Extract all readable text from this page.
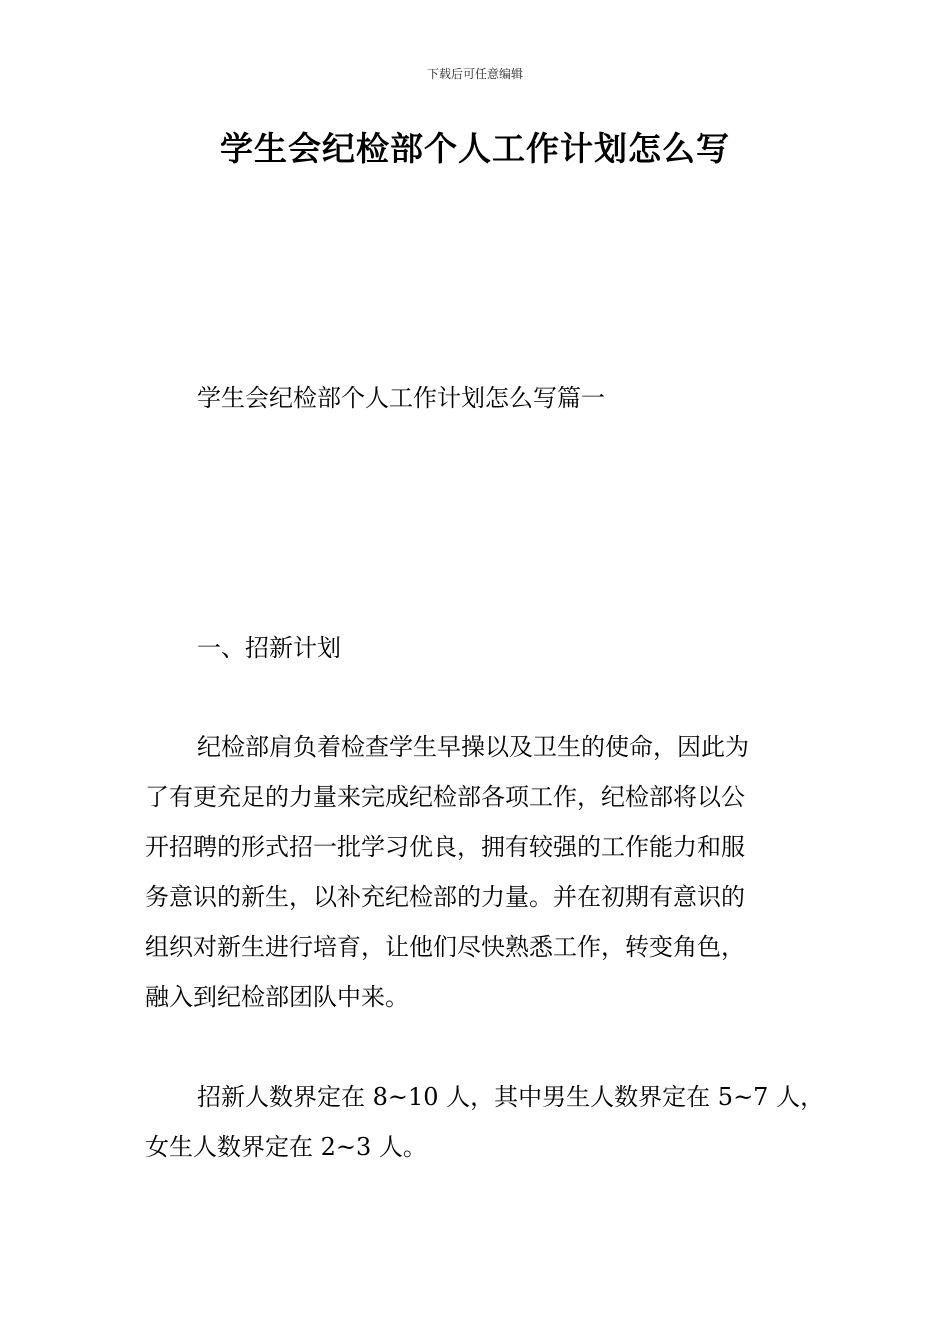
下载后可任意编辑
学生会纪检部个人工作计划怎么写
学生会纪检部个人工作计划怎么写篇一
一、招新计划
纪检部肩负着检查学生早操以及卫生的使命，因此为
了有更充足的力量来完成纪检部各项工作，纪检部将以公
开招聘的形式招一批学习优良，拥有较强的工作能力和服
务意识的新生，以补充纪检部的力量。并在初期有意识的
组织对新生进行培育，让他们尽快熟悉工作，转变角色，
融入到纪检部团队中来。
招新人数界定在 8~10 人，其中男生人数界定在 5~7 人，
女生人数界定在 2~3 人。
